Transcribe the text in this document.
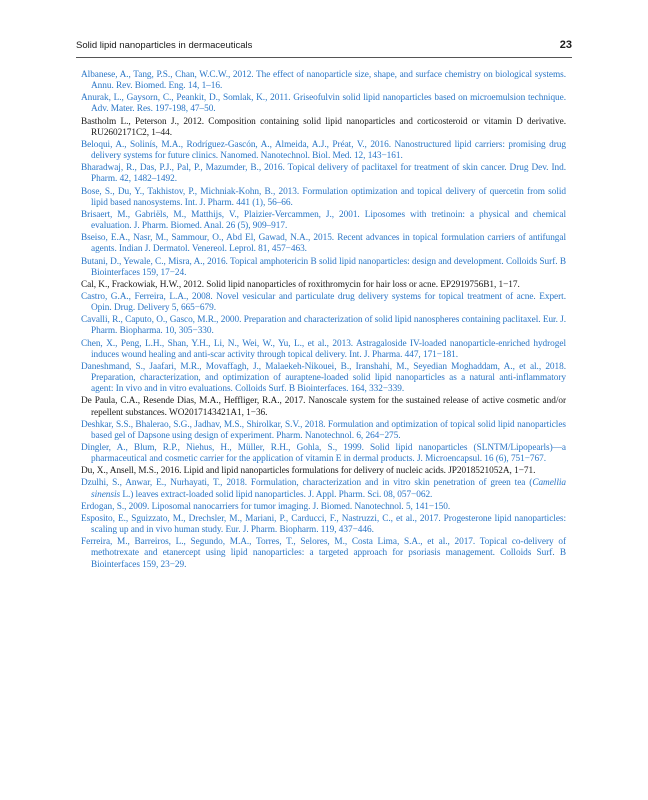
Solid lipid nanoparticles in dermaceuticals	23
Albanese, A., Tang, P.S., Chan, W.C.W., 2012. The effect of nanoparticle size, shape, and surface chemistry on biological systems. Annu. Rev. Biomed. Eng. 14, 1–16.
Anurak, L., Gaysorn, C., Peankit, D., Somlak, K., 2011. Griseofulvin solid lipid nanoparticles based on microemulsion technique. Adv. Mater. Res. 197-198, 47–50.
Bastholm L., Peterson J., 2012. Composition containing solid lipid nanoparticles and corticosteroid or vitamin D derivative. RU2602171C2, 1–44.
Beloqui, A., Solinís, M.A., Rodríguez-Gascón, A., Almeida, A.J., Préat, V., 2016. Nanostructured lipid carriers: promising drug delivery systems for future clinics. Nanomed. Nanotechnol. Biol. Med. 12, 143−161.
Bharadwaj, R., Das, P.J., Pal, P., Mazumder, B., 2016. Topical delivery of paclitaxel for treatment of skin cancer. Drug Dev. Ind. Pharm. 42, 1482–1492.
Bose, S., Du, Y., Takhistov, P., Michniak-Kohn, B., 2013. Formulation optimization and topical delivery of quercetin from solid lipid based nanosystems. Int. J. Pharm. 441 (1), 56–66.
Brisaert, M., Gabriëls, M., Matthijs, V., Plaizier-Vercammen, J., 2001. Liposomes with tretinoin: a physical and chemical evaluation. J. Pharm. Biomed. Anal. 26 (5), 909–917.
Bseiso, E.A., Nasr, M., Sammour, O., Abd El, Gawad, N.A., 2015. Recent advances in topical formulation carriers of antifungal agents. Indian J. Dermatol. Venereol. Leprol. 81, 457−463.
Butani, D., Yewale, C., Misra, A., 2016. Topical amphotericin B solid lipid nanoparticles: design and development. Colloids Surf. B Biointerfaces 159, 17−24.
Cal, K., Frackowiak, H.W., 2012. Solid lipid nanoparticles of roxithromycin for hair loss or acne. EP2919756B1, 1−17.
Castro, G.A., Ferreira, L.A., 2008. Novel vesicular and particulate drug delivery systems for topical treatment of acne. Expert. Opin. Drug. Delivery 5, 665−679.
Cavalli, R., Caputo, O., Gasco, M.R., 2000. Preparation and characterization of solid lipid nanospheres containing paclitaxel. Eur. J. Pharm. Biopharma. 10, 305−330.
Chen, X., Peng, L.H., Shan, Y.H., Li, N., Wei, W., Yu, L., et al., 2013. Astragaloside IV-loaded nanoparticle-enriched hydrogel induces wound healing and anti-scar activity through topical delivery. Int. J. Pharma. 447, 171−181.
Daneshmand, S., Jaafari, M.R., Movaffagh, J., Malaekeh-Nikouei, B., Iranshahi, M., Seyedian Moghaddam, A., et al., 2018. Preparation, characterization, and optimization of auraptene-loaded solid lipid nanoparticles as a natural anti-inflammatory agent: In vivo and in vitro evaluations. Colloids Surf. B Biointerfaces. 164, 332−339.
De Paula, C.A., Resende Dias, M.A., Heffliger, R.A., 2017. Nanoscale system for the sustained release of active cosmetic and/or repellent substances. WO2017143421A1, 1−36.
Deshkar, S.S., Bhalerao, S.G., Jadhav, M.S., Shirolkar, S.V., 2018. Formulation and optimization of topical solid lipid nanoparticles based gel of Dapsone using design of experiment. Pharm. Nanotechnol. 6, 264−275.
Dingler, A., Blum, R.P., Niehus, H., Müller, R.H., Gohla, S., 1999. Solid lipid nanoparticles (SLNTM/Lipopearls)—a pharmaceutical and cosmetic carrier for the application of vitamin E in dermal products. J. Microencapsul. 16 (6), 751−767.
Du, X., Ansell, M.S., 2016. Lipid and lipid nanoparticles formulations for delivery of nucleic acids. JP2018521052A, 1−71.
Dzulhi, S., Anwar, E., Nurhayati, T., 2018. Formulation, characterization and in vitro skin penetration of green tea (Camellia sinensis L.) leaves extract-loaded solid lipid nanoparticles. J. Appl. Pharm. Sci. 08, 057−062.
Erdogan, S., 2009. Liposomal nanocarriers for tumor imaging. J. Biomed. Nanotechnol. 5, 141−150.
Esposito, E., Sguizzato, M., Drechsler, M., Mariani, P., Carducci, F., Nastruzzi, C., et al., 2017. Progesterone lipid nanoparticles: scaling up and in vivo human study. Eur. J. Pharm. Biopharm. 119, 437−446.
Ferreira, M., Barreiros, L., Segundo, M.A., Torres, T., Selores, M., Costa Lima, S.A., et al., 2017. Topical co-delivery of methotrexate and etanercept using lipid nanoparticles: a targeted approach for psoriasis management. Colloids Surf. B Biointerfaces 159, 23−29.
